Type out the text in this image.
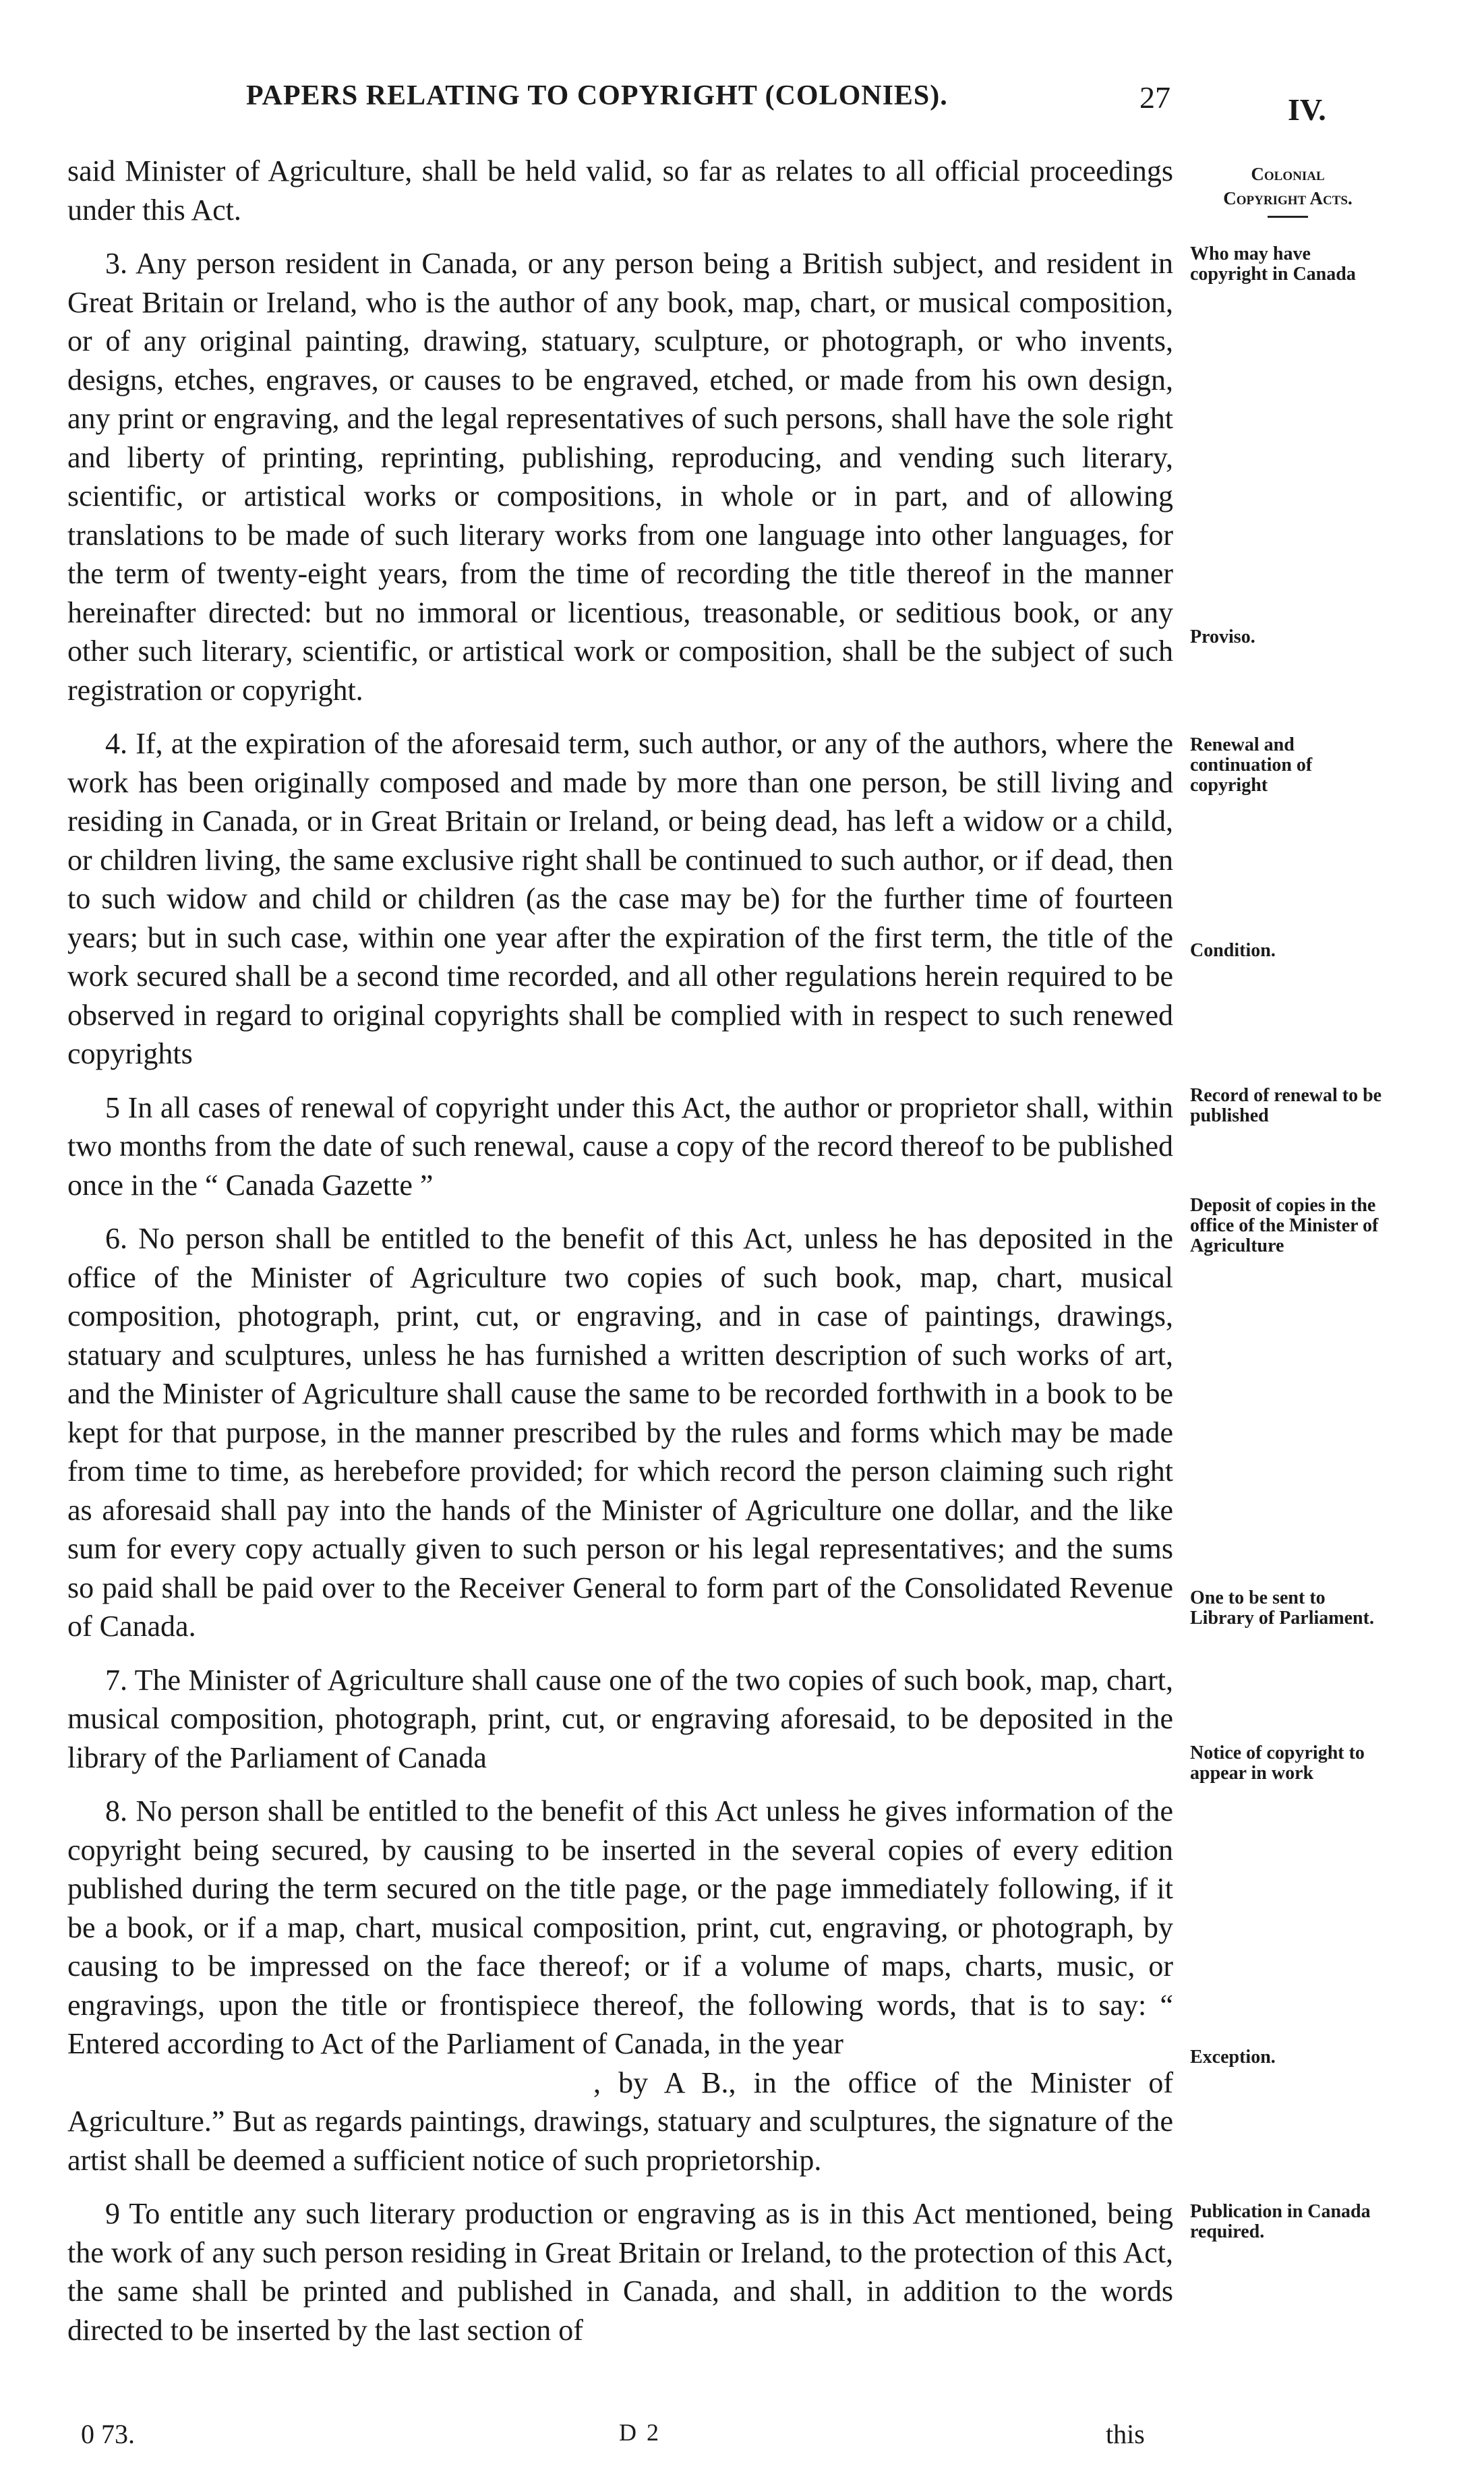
PAPERS RELATING TO COPYRIGHT (COLONIES).	27	IV.
Colonial
Copyright Acts.

said Minister of Agriculture, shall be held valid, so far as relates to all official proceedings under this Act.

3. Any person resident in Canada, or any person being a British subject, and resident in Great Britain or Ireland, who is the author of any book, map, chart, or musical composition, or of any original painting, drawing, statuary, sculpture, or photograph, or who invents, designs, etches, engraves, or causes to be engraved, etched, or made from his own design, any print or engraving, and the legal representatives of such persons, shall have the sole right and liberty of printing, reprinting, publishing, reproducing, and vending such literary, scientific, or artistical works or compositions, in whole or in part, and of allowing translations to be made of such literary works from one language into other languages, for the term of twenty-eight years, from the time of recording the title thereof in the manner hereinafter directed: but no immoral or licentious, treasonable, or seditious book, or any other such literary, scientific, or artistical work or composition, shall be the subject of such registration or copyright.

4. If, at the expiration of the aforesaid term, such author, or any of the authors, where the work has been originally composed and made by more than one person, be still living and residing in Canada, or in Great Britain or Ireland, or being dead, has left a widow or a child, or children living, the same exclusive right shall be continued to such author, or if dead, then to such widow and child or children (as the case may be) for the further time of fourteen years; but in such case, within one year after the expiration of the first term, the title of the work secured shall be a second time recorded, and all other regulations herein required to be observed in regard to original copyrights shall be complied with in respect to such renewed copyrights

5 In all cases of renewal of copyright under this Act, the author or proprietor shall, within two months from the date of such renewal, cause a copy of the record thereof to be published once in the “ Canada Gazette ”

6. No person shall be entitled to the benefit of this Act, unless he has deposited in the office of the Minister of Agriculture two copies of such book, map, chart, musical composition, photograph, print, cut, or engraving, and in case of paintings, drawings, statuary and sculptures, unless he has furnished a written description of such works of art, and the Minister of Agriculture shall cause the same to be recorded forthwith in a book to be kept for that purpose, in the manner prescribed by the rules and forms which may be made from time to time, as herebefore provided; for which record the person claiming such right as aforesaid shall pay into the hands of the Minister of Agriculture one dollar, and the like sum for every copy actually given to such person or his legal representatives; and the sums so paid shall be paid over to the Receiver General to form part of the Consolidated Revenue of Canada.

7. The Minister of Agriculture shall cause one of the two copies of such book, map, chart, musical composition, photograph, print, cut, or engraving aforesaid, to be deposited in the library of the Parliament of Canada

8. No person shall be entitled to the benefit of this Act unless he gives information of the copyright being secured, by causing to be inserted in the several copies of every edition published during the term secured on the title page, or the page immediately following, if it be a book, or if a map, chart, musical composition, print, cut, engraving, or photograph, by causing to be impressed on the face thereof; or if a volume of maps, charts, music, or engravings, upon the title or frontispiece thereof, the following words, that is to say: “ Entered according to Act of the Parliament of Canada, in the year

, by A B., in the office of the Minister of Agriculture.” But as regards paintings, drawings, statuary and sculptures, the signature of the artist shall be deemed a sufficient notice of such proprietorship.

9 To entitle any such literary production or engraving as is in this Act mentioned, being the work of any such person residing in Great Britain or Ireland, to the protection of this Act, the same shall be printed and published in Canada, and shall, in addition to the words directed to be inserted by the last section of

Who may have copyright in Canada
Proviso.
Renewal and continuation of copyright
Condition.
Record of renewal to be published
Deposit of copies in the office of the Minister of Agriculture
One to be sent to Library of Parliament.
Notice of copyright to appear in work
Exception.
Publication in Canada required.
0 73.	D 2	this
